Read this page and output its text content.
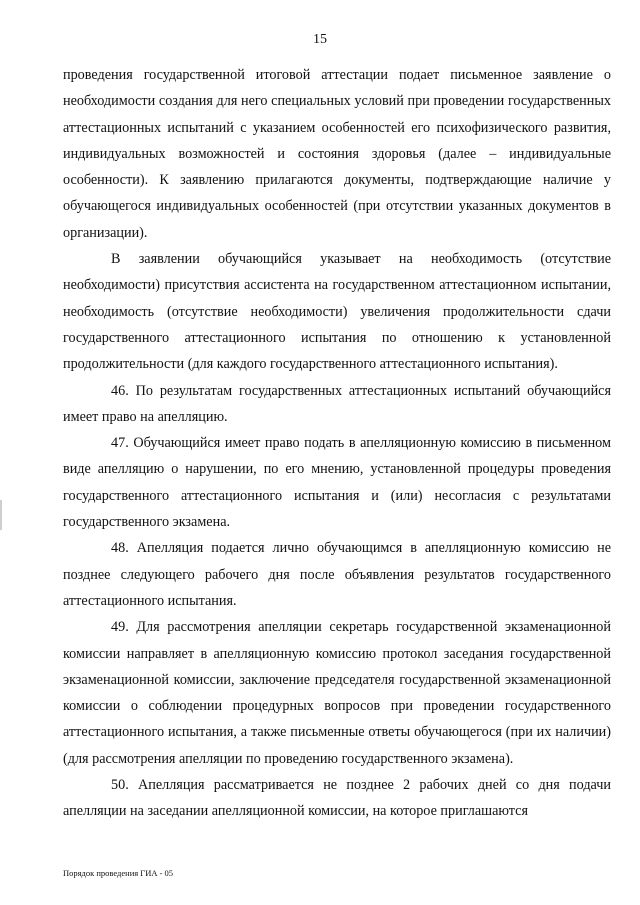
15

проведения государственной итоговой аттестации подает письменное заявление о необходимости создания для него специальных условий при проведении государственных аттестационных испытаний с указанием особенностей его психофизического развития, индивидуальных возможностей и состояния здоровья (далее – индивидуальные особенности). К заявлению прилагаются документы, подтверждающие наличие у обучающегося индивидуальных особенностей (при отсутствии указанных документов в организации).

В заявлении обучающийся указывает на необходимость (отсутствие необходимости) присутствия ассистента на государственном аттестационном испытании, необходимость (отсутствие необходимости) увеличения продолжительности сдачи государственного аттестационного испытания по отношению к установленной продолжительности (для каждого государственного аттестационного испытания).

46. По результатам государственных аттестационных испытаний обучающийся имеет право на апелляцию.

47. Обучающийся имеет право подать в апелляционную комиссию в письменном виде апелляцию о нарушении, по его мнению, установленной процедуры проведения государственного аттестационного испытания и (или) несогласия с результатами государственного экзамена.

48. Апелляция подается лично обучающимся в апелляционную комиссию не позднее следующего рабочего дня после объявления результатов государственного аттестационного испытания.

49. Для рассмотрения апелляции секретарь государственной экзаменационной комиссии направляет в апелляционную комиссию протокол заседания государственной экзаменационной комиссии, заключение председателя государственной экзаменационной комиссии о соблюдении процедурных вопросов при проведении государственного аттестационного испытания, а также письменные ответы обучающегося (при их наличии) (для рассмотрения апелляции по проведению государственного экзамена).

50. Апелляция рассматривается не позднее 2 рабочих дней со дня подачи апелляции на заседании апелляционной комиссии, на которое приглашаются

Порядок проведения ГИА - 05
